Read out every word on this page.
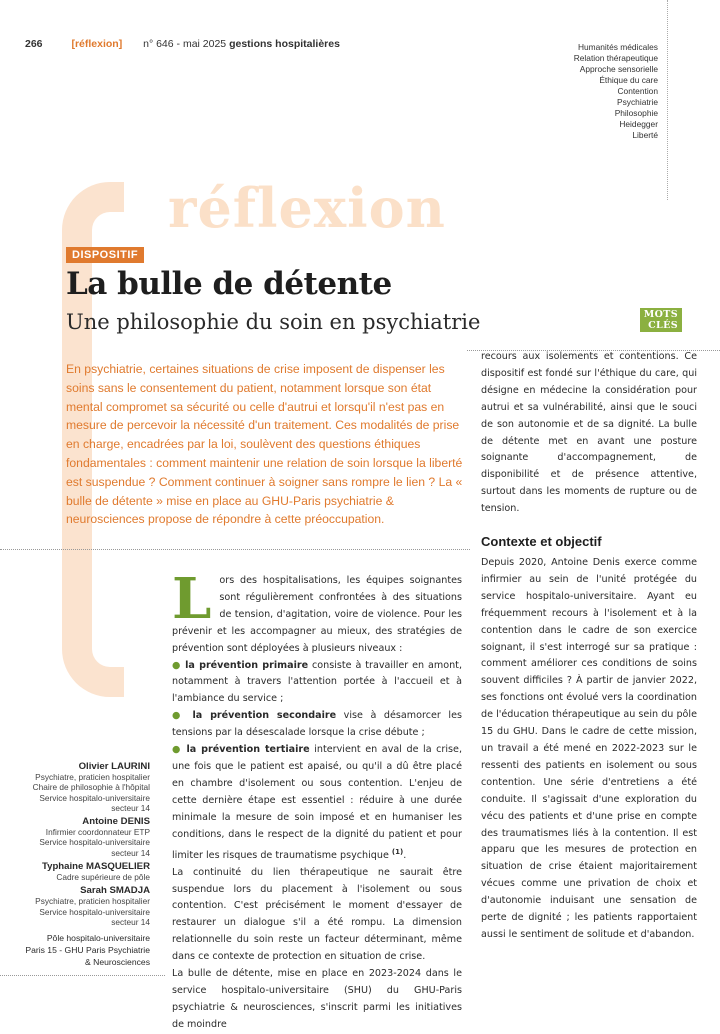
266	[réflexion] n° 646 - mai 2025 gestions hospitalières
MOTS CLÉS
Humanités médicales
Relation thérapeutique
Approche sensorielle
Éthique du care
Contention
Psychiatrie
Philosophie
Heidegger
Liberté
réflexion
DISPOSITIF
La bulle de détente
Une philosophie du soin en psychiatrie
En psychiatrie, certaines situations de crise imposent de dispenser les soins sans le consentement du patient, notamment lorsque son état mental compromet sa sécurité ou celle d'autrui et lorsqu'il n'est pas en mesure de percevoir la nécessité d'un traitement. Ces modalités de prise en charge, encadrées par la loi, soulèvent des questions éthiques fondamentales : comment maintenir une relation de soin lorsque la liberté est suspendue ? Comment continuer à soigner sans rompre le lien ? La « bulle de détente » mise en place au GHU-Paris psychiatrie & neurosciences propose de répondre à cette préoccupation.

recours aux isolements et contentions. Ce dispositif est fondé sur l'éthique du care, qui désigne en médecine la considération pour autrui et sa vulnérabilité, ainsi que le souci de son autonomie et de sa dignité. La bulle de détente met en avant une posture soignante d'accompagnement, de disponibilité et de présence attentive, surtout dans les moments de rupture ou de tension.

Contexte et objectif

Depuis 2020, Antoine Denis exerce comme infirmier au sein de l'unité protégée du service hospitalo-universitaire. Ayant eu fréquemment recours à l'isolement et à la contention dans le cadre de son exercice soignant, il s'est interrogé sur sa pratique : comment améliorer ces conditions de soins souvent difficiles ? À partir de janvier 2022, ses fonctions ont évolué vers la coordination de l'éducation thérapeutique au sein du pôle 15 du GHU. Dans le cadre de cette mission, un travail a été mené en 2022-2023 sur le ressenti des patients en isolement ou sous contention. Une série d'entretiens a été conduite. Il s'agissait d'une exploration du vécu des patients et d'une prise en compte des traumatismes liés à la contention. Il est apparu que les mesures de protection en situation de crise étaient majoritairement vécues comme une privation de choix et d'autonomie induisant une sensation de perte de dignité ; les patients rapportaient aussi le sentiment de solitude et d'abandon.

L ors des hospitalisations, les équipes soignantes sont régulièrement confrontées à des situations de tension, d'agitation, voire de violence. Pour les prévenir et les accompagner au mieux, des stratégies de prévention sont déployées à plusieurs niveaux :

● la prévention primaire consiste à travailler en amont, notamment à travers l'attention portée à l'accueil et à l'ambiance du service ;

● la prévention secondaire vise à désamorcer les tensions par la désescalade lorsque la crise débute ;

● la prévention tertiaire intervient en aval de la crise, une fois que le patient est apaisé, ou qu'il a dû être placé en chambre d'isolement ou sous contention. L'enjeu de cette dernière étape est essentiel : réduire à une durée minimale la mesure de soin imposé et en humaniser les conditions, dans le respect de la dignité du patient et pour limiter les risques de traumatisme psychique $^{(1)}$.

La continuité du lien thérapeutique ne saurait être suspendue lors du placement à l'isolement ou sous contention. C'est précisément le moment d'essayer de restaurer un dialogue s'il a été rompu. La dimension relationnelle du soin reste un facteur déterminant, même dans ce contexte de protection en situation de crise.

La bulle de détente, mise en place en 2023-2024 dans le service hospitalo-universitaire (SHU) du GHU-Paris psychiatrie & neurosciences, s'inscrit parmi les initiatives de moindre

Olivier LAURINI
Psychiatre, praticien hospitalier
Chaire de philosophie à l'hôpital
Service hospitalo-universitaire
secteur 14
Antoine DENIS
Infirmier coordonnateur ETP
Service hospitalo-universitaire
secteur 14
Typhaine MASQUELIER
Cadre supérieure de pôle
Sarah SMADJA
Psychiatre, praticien hospitalier
Service hospitalo-universitaire
secteur 14
Pôle hospitalo-universitaire
Paris 15 - GHU Paris Psychiatrie
& Neurosciences
